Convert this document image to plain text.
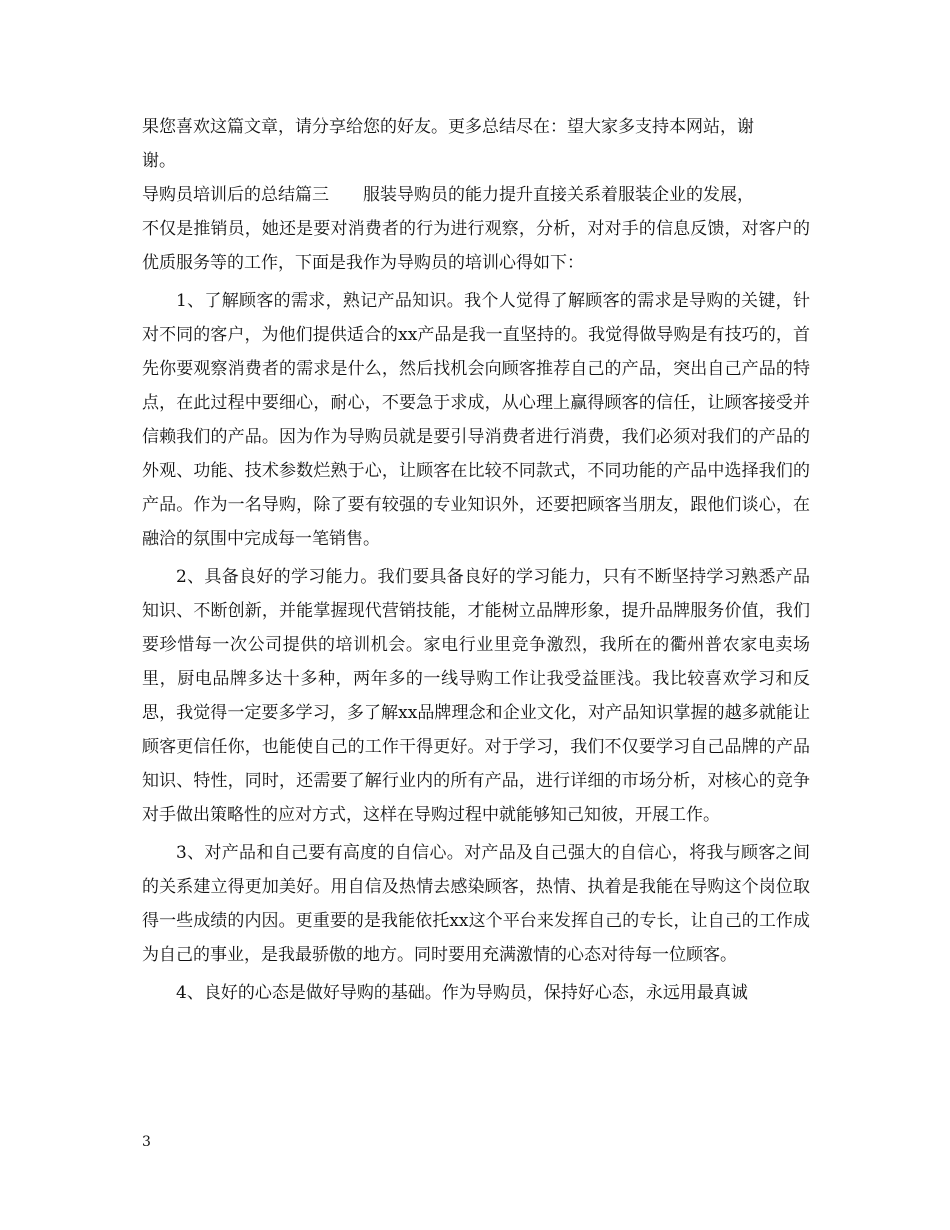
果您喜欢这篇文章，请分享给您的好友。更多总结尽在：望大家多支持本网站，谢
谢。
导购员培训后的总结篇三　　服装导购员的能力提升直接关系着服装企业的发展，

不仅是推销员，她还是要对消费者的行为进行观察，分析，对对手的信息反馈，对客户的优质服务等的工作，下面是我作为导购员的培训心得如下：

1、了解顾客的需求，熟记产品知识。我个人觉得了解顾客的需求是导购的关键，针对不同的客户，为他们提供适合的xx产品是我一直坚持的。我觉得做导购是有技巧的，首先你要观察消费者的需求是什么，然后找机会向顾客推荐自己的产品，突出自己产品的特点，在此过程中要细心，耐心，不要急于求成，从心理上赢得顾客的信任，让顾客接受并信赖我们的产品。因为作为导购员就是要引导消费者进行消费，我们必须对我们的产品的外观、功能、技术参数烂熟于心，让顾客在比较不同款式，不同功能的产品中选择我们的产品。作为一名导购，除了要有较强的专业知识外，还要把顾客当朋友，跟他们谈心，在融洽的氛围中完成每一笔销售。

2、具备良好的学习能力。我们要具备良好的学习能力，只有不断坚持学习熟悉产品知识、不断创新，并能掌握现代营销技能，才能树立品牌形象，提升品牌服务价值，我们要珍惜每一次公司提供的培训机会。家电行业里竞争激烈，我所在的衢州普农家电卖场里，厨电品牌多达十多种，两年多的一线导购工作让我受益匪浅。我比较喜欢学习和反思，我觉得一定要多学习，多了解xx品牌理念和企业文化，对产品知识掌握的越多就能让顾客更信任你，也能使自己的工作干得更好。对于学习，我们不仅要学习自己品牌的产品知识、特性，同时，还需要了解行业内的所有产品，进行详细的市场分析，对核心的竞争对手做出策略性的应对方式，这样在导购过程中就能够知己知彼，开展工作。

3、对产品和自己要有高度的自信心。对产品及自己强大的自信心，将我与顾客之间的关系建立得更加美好。用自信及热情去感染顾客，热情、执着是我能在导购这个岗位取得一些成绩的内因。更重要的是我能依托xx这个平台来发挥自己的专长，让自己的工作成为自己的事业，是我最骄傲的地方。同时要用充满激情的心态对待每一位顾客。

4、良好的心态是做好导购的基础。作为导购员，保持好心态，永远用最真诚

3
